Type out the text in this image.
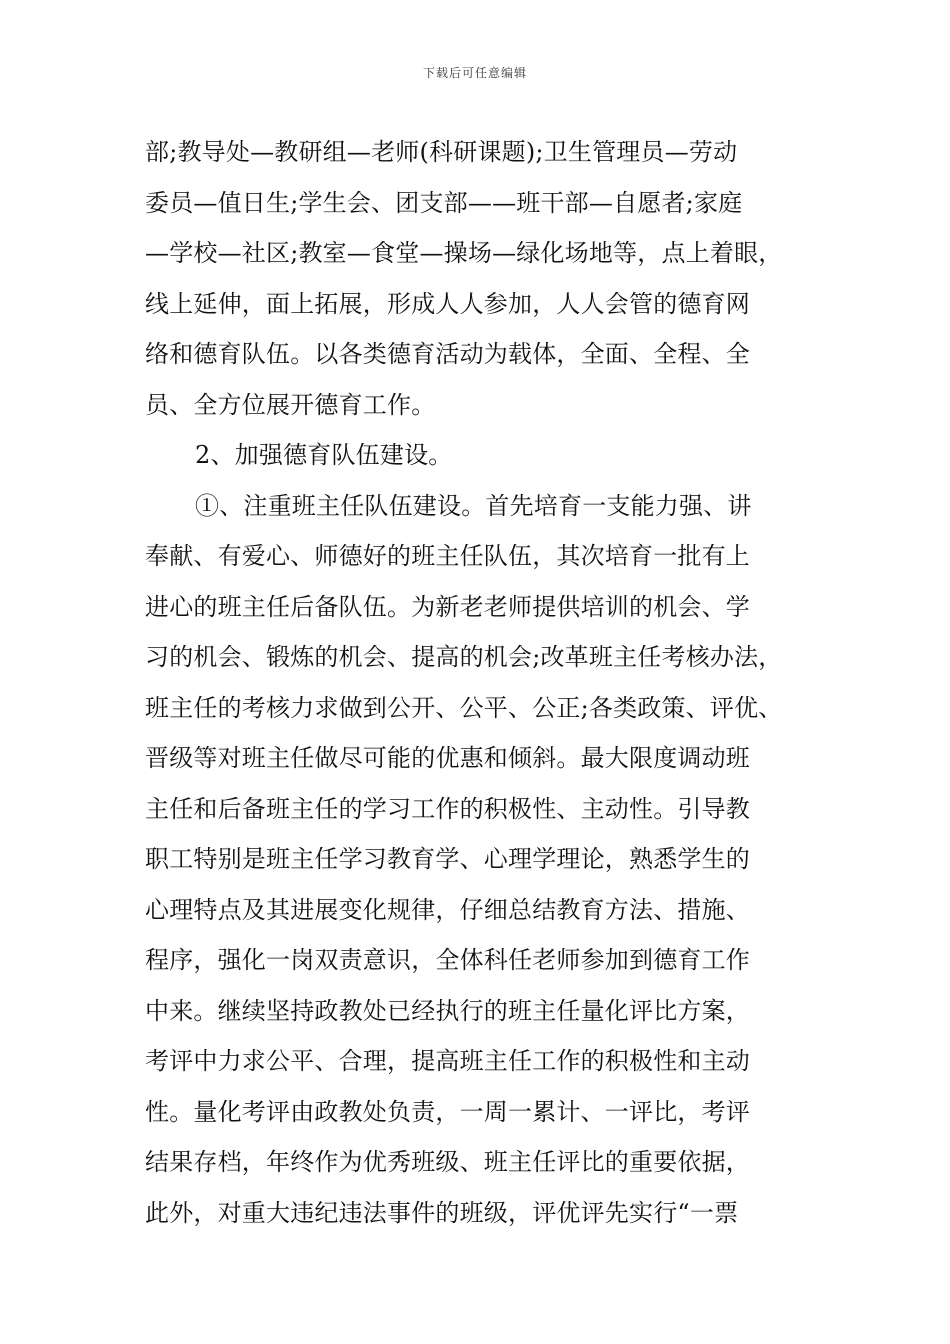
下载后可任意编辑
部;教导处—教研组—老师(科研课题);卫生管理员—劳动
委员—值日生;学生会、团支部——班干部—自愿者;家庭
—学校—社区;教室—食堂—操场—绿化场地等，点上着眼，
线上延伸，面上拓展，形成人人参加，人人会管的德育网
络和德育队伍。以各类德育活动为载体，全面、全程、全
员、全方位展开德育工作。
2、加强德育队伍建设。
①、注重班主任队伍建设。首先培育一支能力强、讲
奉献、有爱心、师德好的班主任队伍，其次培育一批有上
进心的班主任后备队伍。为新老老师提供培训的机会、学
习的机会、锻炼的机会、提高的机会;改革班主任考核办法，
班主任的考核力求做到公开、公平、公正;各类政策、评优、
晋级等对班主任做尽可能的优惠和倾斜。最大限度调动班
主任和后备班主任的学习工作的积极性、主动性。引导教
职工特别是班主任学习教育学、心理学理论，熟悉学生的
心理特点及其进展变化规律，仔细总结教育方法、措施、
程序，强化一岗双责意识，全体科任老师参加到德育工作
中来。继续坚持政教处已经执行的班主任量化评比方案，
考评中力求公平、合理，提高班主任工作的积极性和主动
性。量化考评由政教处负责，一周一累计、一评比，考评
结果存档，年终作为优秀班级、班主任评比的重要依据，
此外，对重大违纪违法事件的班级，评优评先实行“一票
